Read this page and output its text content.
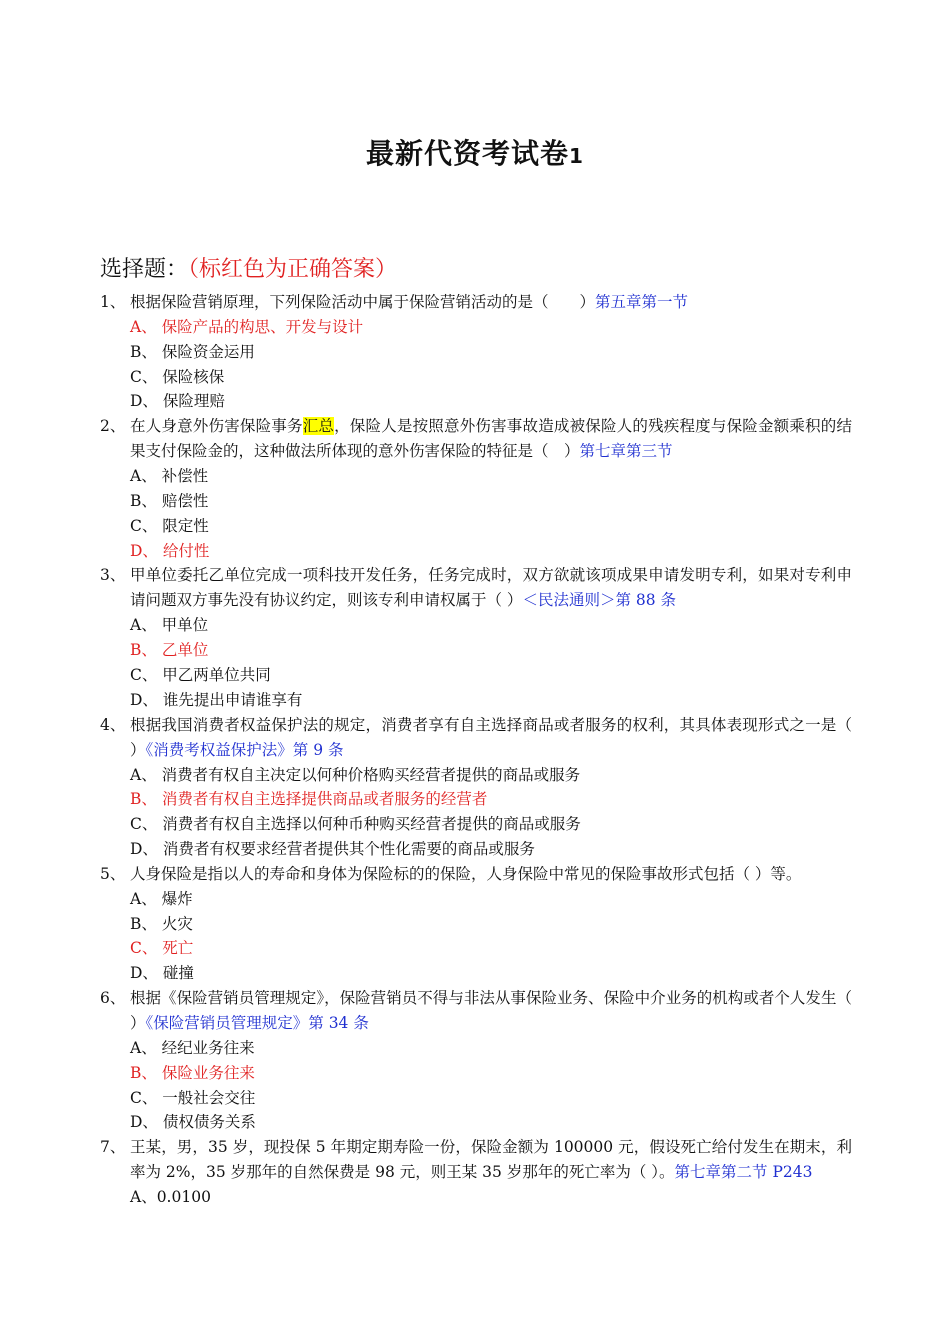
最新代资考试卷1
选择题：（标红色为正确答案）
1、 根据保险营销原理，下列保险活动中属于保险营销活动的是（　　）第五章第一节
A、 保险产品的构思、开发与设计
B、 保险资金运用
C、 保险核保
D、 保险理赔
2、 在人身意外伤害保险事务汇总，保险人是按照意外伤害事故造成被保险人的残疾程度与保险金额乘积的结果支付保险金的，这种做法所体现的意外伤害保险的特征是（　）第七章第三节
A、 补偿性
B、 赔偿性
C、 限定性
D、 给付性
3、 甲单位委托乙单位完成一项科技开发任务，任务完成时，双方欲就该项成果申请发明专利，如果对专利申请问题双方事先没有协议约定，则该专利申请权属于（ ）＜民法通则＞第 88 条
A、 甲单位
B、 乙单位
C、 甲乙两单位共同
D、 谁先提出申请谁享有
4、 根据我国消费者权益保护法的规定，消费者享有自主选择商品或者服务的权利，其具体表现形式之一是（ ）《消费考权益保护法》第 9 条
A、 消费者有权自主决定以何种价格购买经营者提供的商品或服务
B、 消费者有权自主选择提供商品或者服务的经营者
C、 消费者有权自主选择以何种币种购买经营者提供的商品或服务
D、 消费者有权要求经营者提供其个性化需要的商品或服务
5、 人身保险是指以人的寿命和身体为保险标的的保险，人身保险中常见的保险事故形式包括（ ）等。
A、 爆炸
B、 火灾
C、 死亡
D、 碰撞
6、 根据《保险营销员管理规定》，保险营销员不得与非法从事保险业务、保险中介业务的机构或者个人发生（ ）《保险营销员管理规定》第 34 条
A、 经纪业务往来
B、 保险业务往来
C、 一般社会交往
D、 债权债务关系
7、 王某，男，35 岁，现投保 5 年期定期寿险一份，保险金额为 100000 元，假设死亡给付发生在期末，利率为 2%，35 岁那年的自然保费是 98 元，则王某 35 岁那年的死亡率为（ ）。第七章第二节 P243
A、0.0100
